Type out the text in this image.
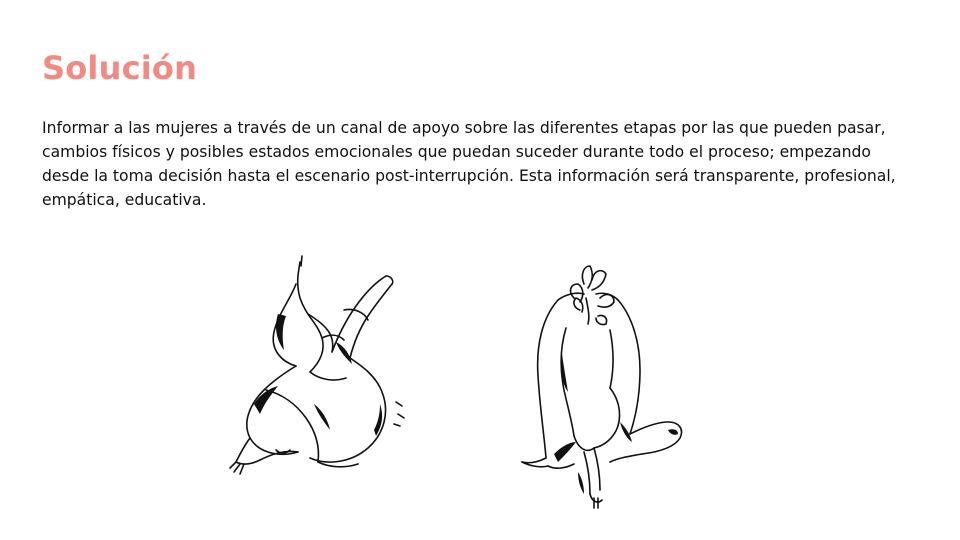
Solución

Informar a las mujeres a través de un canal de apoyo sobre las diferentes etapas por las que pueden pasar, cambios físicos y posibles estados emocionales que puedan suceder durante todo el proceso; empezando desde la toma decisión hasta el escenario post-interrupción. Esta información será transparente, profesional, empática, educativa.
